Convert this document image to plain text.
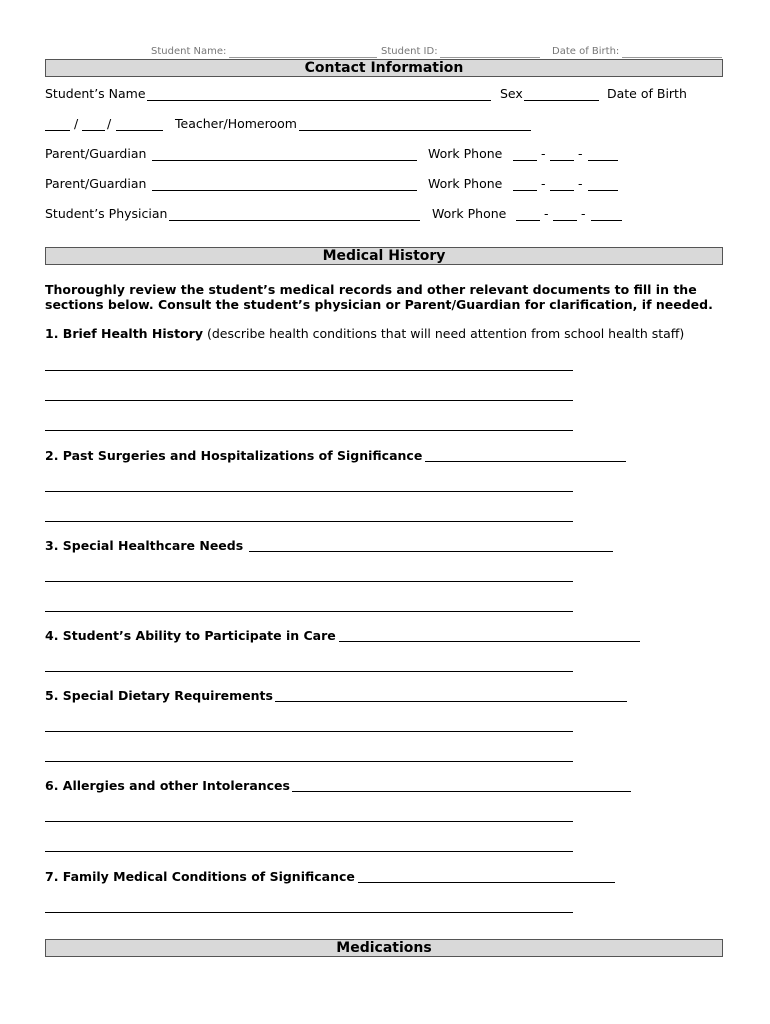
Student Name:	Student ID:	Date of Birth:
Contact Information
Student’s Name	Sex	Date of Birth
/ /	Teacher/Homeroom
Parent/Guardian	Work Phone	-	-
Parent/Guardian	Work Phone	-	-
Student’s Physician	Work Phone	-	-
Medical History
Thoroughly review the student’s medical records and other relevant documents to fill in the sections below. Consult the student’s physician or Parent/Guardian for clarification, if needed.
1. Brief Health History (describe health conditions that will need attention from school health staff)
2. Past Surgeries and Hospitalizations of Significance
3. Special Healthcare Needs
4. Student’s Ability to Participate in Care
5. Special Dietary Requirements
6. Allergies and other Intolerances
7. Family Medical Conditions of Significance
Medications
